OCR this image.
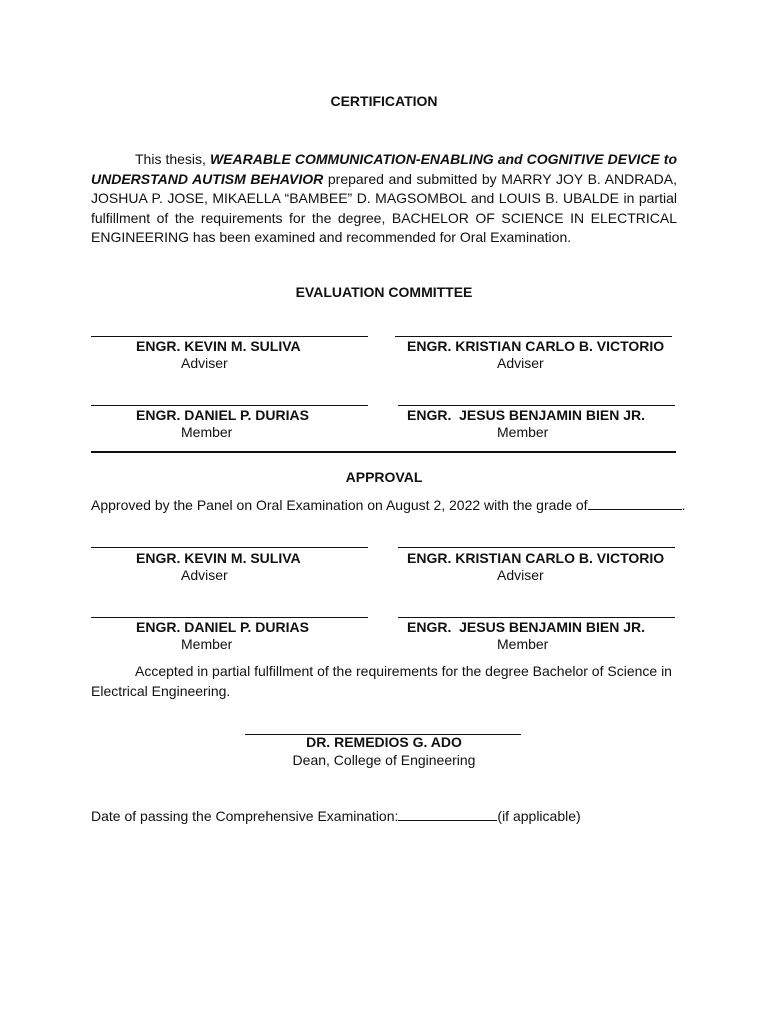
CERTIFICATION
This thesis, WEARABLE COMMUNICATION-ENABLING and COGNITIVE DEVICE to UNDERSTAND AUTISM BEHAVIOR prepared and submitted by MARRY JOY B. ANDRADA, JOSHUA P. JOSE, MIKAELLA “BAMBEE” D. MAGSOMBOL and LOUIS B. UBALDE in partial fulfillment of the requirements for the degree, BACHELOR OF SCIENCE IN ELECTRICAL ENGINEERING has been examined and recommended for Oral Examination.
EVALUATION COMMITTEE
ENGR. KEVIN M. SULIVA
Adviser
ENGR. KRISTIAN CARLO B. VICTORIO
Adviser
ENGR. DANIEL P. DURIAS
Member
ENGR.  JESUS BENJAMIN BIEN JR.
Member
APPROVAL
Approved by the Panel on Oral Examination on August 2, 2022 with the grade of	.
ENGR. KEVIN M. SULIVA
Adviser
ENGR. KRISTIAN CARLO B. VICTORIO
Adviser
ENGR. DANIEL P. DURIAS
Member
ENGR.  JESUS BENJAMIN BIEN JR.
Member
Accepted in partial fulfillment of the requirements for the degree Bachelor of Science in Electrical Engineering.
DR. REMEDIOS G. ADO
Dean, College of Engineering
Date of passing the Comprehensive Examination:	(if applicable)
